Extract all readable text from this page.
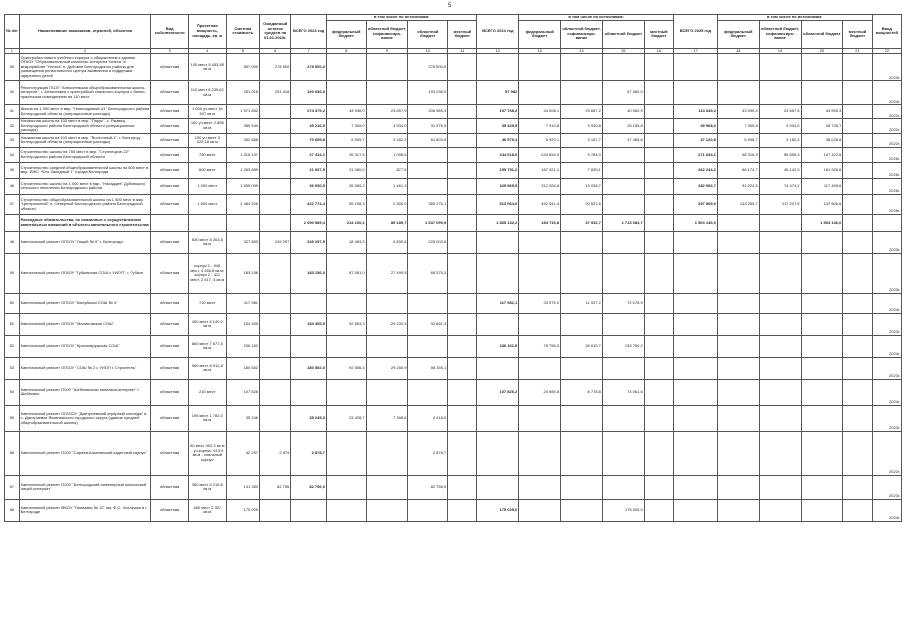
5
№ п/п	Наименование заказчиков, отраслей, объектов	Вид собственности	Проектная мощность, площадь, кв. м	Сметная стоимость	Ожидаемый остаток средств на 01.01.2023г.	ВСЕГО 2023 год	в том числе по источникам:				ВСЕГО 2024 год	в том числе по источникам:				ВСЕГО 2025 год	в том числе по источникам:				Ввод мощностей
							федеральный бюджет	областной бюджет, софинансиро-вание	областной бюджет	местный бюджет		федеральный бюджет	областной бюджет, софинансиро-вание	областной бюджет	местный бюджет		федеральный бюджет	областной бюджет, софинансиро-вание	областной бюджет	местный бюджет	
1	2	3	4	5	6	7	8	9	10	11	12	13	14	15	16	17	18	19	20	21	22
39	Пристройка нового учебного корпуса с общежитием к зданию ОГАОУ "Образовательный комплекс Алгоритм Успеха" в микрорайоне "Улитка" п. Дубовое Белгородского района для размещения регионального центра выявления и поддержки одаренных детей	областная	100 мест 5 453,85 кв.м	557 000	278 500	278 500,0			278 500,0												2023г.
40	Реконструкция ГБОУ "Алексеевская общеобразовательная школа-интернат", г. Алексеевка с пристройкой спального корпуса с банно-прачечным помещением на 110 мест	областная	110 мест 6 239,62 кв.м	251 018	251 018	193 036,0			193 036,0		57 982			57 982,0							2024г.
41	Школа на 1 000 мест в мкр. "Новосадовый-41" Белгородского района Белгородской области (операционные расходы)	областная	1 000 уч.мест 16 507 кв.м	1 571 852		274 379,2	43 936,0	23 657,9	206 985,3		107 768,2	44 008,1	23 687,2	40 062,9		113 349,2	43 935,4	23 657,5	43 950,3		2022г.
42	Начальная школа на 100 мест в мкр. "Парус", с. Ржавец Белгородского района Белгородской области (операционные расходы)	областная	100 уч.мест 2 898 кв.м	389 544		45 216,9	7 309,0	3 934,0	31 976,9		39 429,5	7 310,8	3 940,8	28 155,8		39 968,0	7 305,8	3 934,0	28 728,7		2022г.
43	Начальная школа на 100 мест в мкр. "Восточный-1", г. Белгород, Белгородской области (операционные расходы)	областная	100 уч.мест 3 029,18 кв.м	452 888		70 695,8	5 909,7	3 182,2	61 603,9		46 575,4	5 920,1	3 187,7	37 465,6		47 120,8	5 908,7	3 182,3	38 028,8		2022г.
44	Строительство школы на 750 мест в мкр. "Стрелецкое-22" Белгородского района Белгородской области	областная	750 мест	1 318 137		27 414,1	26 317,5	1 096,6			244 618,0	234 834,0	9 784,0			271 634,1	68 316,3	55 895,3	147 422,6		2026г.
45	Строительство средней общеобразовательной школы на 600 мест в мкр. ИЖС "Юго-Западный 1" города Белгорода	областная	600 мест	1 263 889		21 937,5	21 060,0	877,5			195 751,2	187 921,1	7 830,1			262 244,2	66 174,7	45 142,9	181 926,6		2026г.
46	Строительство школы на 1 000 мест в мкр. "Насадцев" Дубовского сельского поселения Белгородского района	областная	1 000 мест	1 655 099		36 530,5	35 069,2	1 461,3			325 965,5	312 926,8	13 038,7			282 992,7	91 024,5	74 474,2	117 499,6		2026г.
47	Строительство общеобразовательной школы на 1 500 мест в мкр. "Центральный" п. Северный Белгородского района Белгородской области	областная	1 500 мест	2 484 526		422 774,4	55 198,3	2 300,0	365 276,1		513 064,0	492 541,4	20 522,6			397 969,9	143 255,7	117 207,6	137 506,6		2026г.
	Расходные обязательства, не связанные с осуществлением капитальных вложений в объекты капитального строительства					2 050 589,4	214 100,2	89 189,7	1 637 099,5		1 835 132,2	184 716,8	47 932,7	1 713 083,7		1 503 146,0			1 503 146,0		
48	Капитальный ремонт ОГБОУ "Лицей № 9" г. Белгорода	областная	830 мест 8 263,8 кв.м	327 853	249 297	249 297,5	18 463,3	5 830,6	225 003,6												2023г.
49	Капитальный ремонт ОГАОУ "Губкинская СОШ с УИОП", г. Губкин	областная	корпус 1 - 948 мест, 4 266,8 кв.м; корпус 2 - 411 мест, 2 517, 4 кв.м	183 156		183 156,3	87 081,0	27 499,5	68 575,3												2023г.
50	Капитальный ремонт ОГБОУ "Валуйская СОШ № 4"	областная	710 мест	117 981							117 981,1	33 975,0	11 927,2	72 078,9							2024г.
51	Капитальный ремонт ОГБОУ "Малиновская СОШ"	областная	400 мест 6 140,2 кв.м	154 455		154 455,5	92 563,3	29 230,9	32 661,3												2023г.
52	Капитальный ремонт ОГБОУ "Краснояружская СОШ"	областная	860 мест 7 677,5 кв.м	236 162							236 161,9	75 756,0	26 615,7	133 790,2							2024г.
53	Капитальный ремонт ОГБОУ "СОШ № 2 с УИОП г. Строитель"	областная	960 мест 8 912,8 кв.м	180 552		180 552,0	92 556,3	29 250,9	58 155,1												2023г.
54	Капитальный ремонт ГБОУ "Шебекинская гимназия-интернат" г. Шебекино	областная	215 мест	107 826							107 826,2	24 985,8	8 778,8	74 061,6							2024г.
55	Капитальный ремонт ОГАПОУ "Дмитриевский аграрный колледж" в с. Дмитриевка Яковлевского городского округа (здание средней общеобразовательной школы)	областная	195 мест 1 782,0 кв.м	35 246		35 245,3	23 428,7	7 398,6	4 418,0												2023г.
56	Капитальный ремонт ГБОУ "Сараев-Казачинский кадетский корпус"	областная	50 мест 402,3 кв.м - уч.корпус, 619,9 кв.м - спальный корпус	42 297	2 879	2 878,7			2 878,7												2022г.
57	Капитальный ремонт ГБОУ "Белгородский инженерный юношеский лицей-интернат"	областная	350 мест 5 216,8 кв.м	131 353	82 756	82 756,0			82 756,0												2023г.
58	Капитальный ремонт МБОУ "Гимназия № 12" им. Ф.С. Хихлушки в г. Белгороде	областная	480 мест 2 307 кв.м	175 025							175 025,0			175 025,0							2024г.
